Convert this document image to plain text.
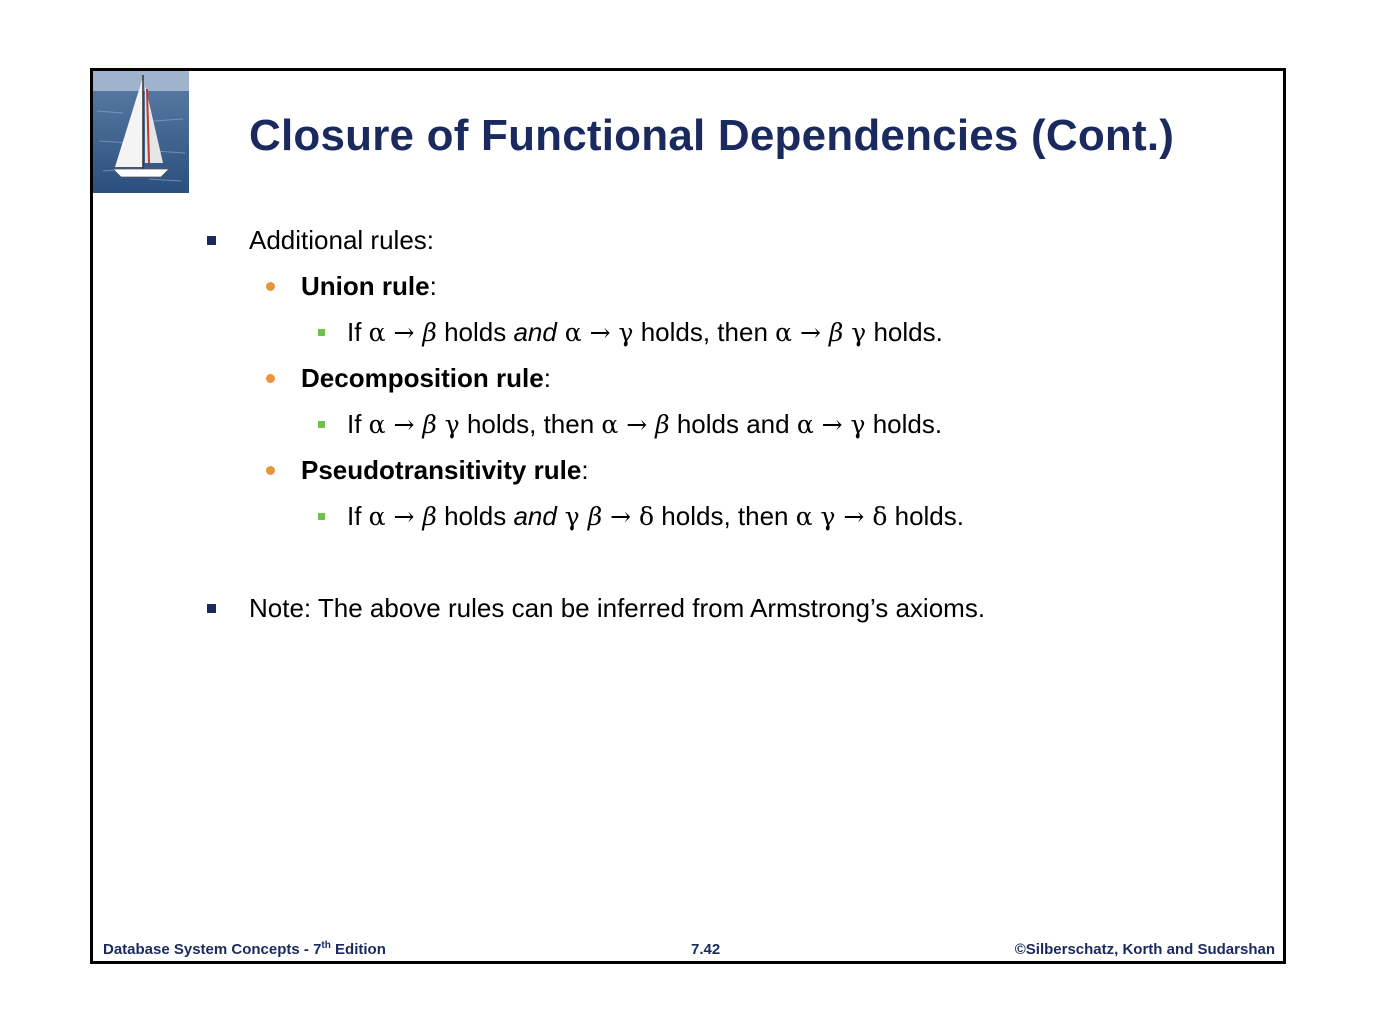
Closure of Functional Dependencies (Cont.)
Additional rules:
Union rule:
If α → β holds and α → γ holds, then α → β γ holds.
Decomposition rule:
If α → β γ holds, then α → β holds and α → γ holds.
Pseudotransitivity rule:
If α → β holds and γ β → δ holds, then α γ → δ holds.
Note: The above rules can be inferred from Armstrong’s axioms.
Database System Concepts - 7th Edition	7.42	©Silberschatz, Korth and Sudarshan
